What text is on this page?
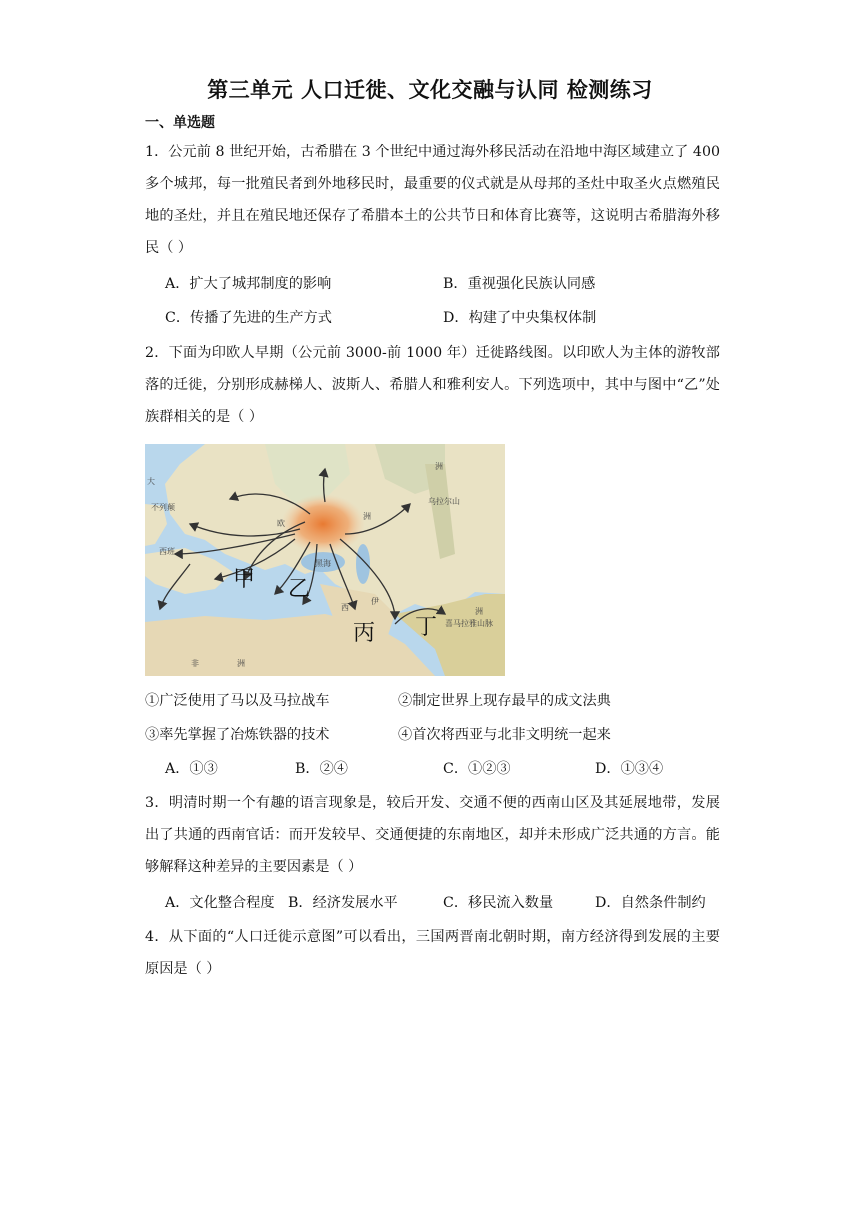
第三单元 人口迁徙、文化交融与认同 检测练习
一、单选题
1．公元前 8 世纪开始，古希腊在 3 个世纪中通过海外移民活动在沿地中海区域建立了 400 多个城邦，每一批殖民者到外地移民时，最重要的仪式就是从母邦的圣灶中取圣火点燃殖民地的圣灶，并且在殖民地还保存了希腊本土的公共节日和体育比赛等，这说明古希腊海外移民（ ）
A．扩大了城邦制度的影响	B．重视强化民族认同感
C．传播了先进的生产方式	D．构建了中央集权体制
2．下面为印欧人早期（公元前 3000-前 1000 年）迁徙路线图。以印欧人为主体的游牧部落的迁徙，分别形成赫梯人、波斯人、希腊人和雅利安人。下列选项中，其中与图中“乙”处族群相关的是（ ）
甲 乙
丙 丁
大
不列颠
西班
欧
黑海
洲
乌拉尔山
洲
伊
西
喜马拉雅山脉
非	洲
洲
①广泛使用了马以及马拉战车	②制定世界上现存最早的成文法典
③率先掌握了冶炼铁器的技术	④首次将西亚与北非文明统一起来
A．①③	B．②④	C．①②③	D．①③④
3．明清时期一个有趣的语言现象是，较后开发、交通不便的西南山区及其延展地带，发展出了共通的西南官话：而开发较早、交通便捷的东南地区，却并未形成广泛共通的方言。能够解释这种差异的主要因素是（ ）
A．文化整合程度 B．经济发展水平	C．移民流入数量	D．自然条件制约
4．从下面的“人口迁徙示意图”可以看出，三国两晋南北朝时期，南方经济得到发展的主要原因是（ ）
